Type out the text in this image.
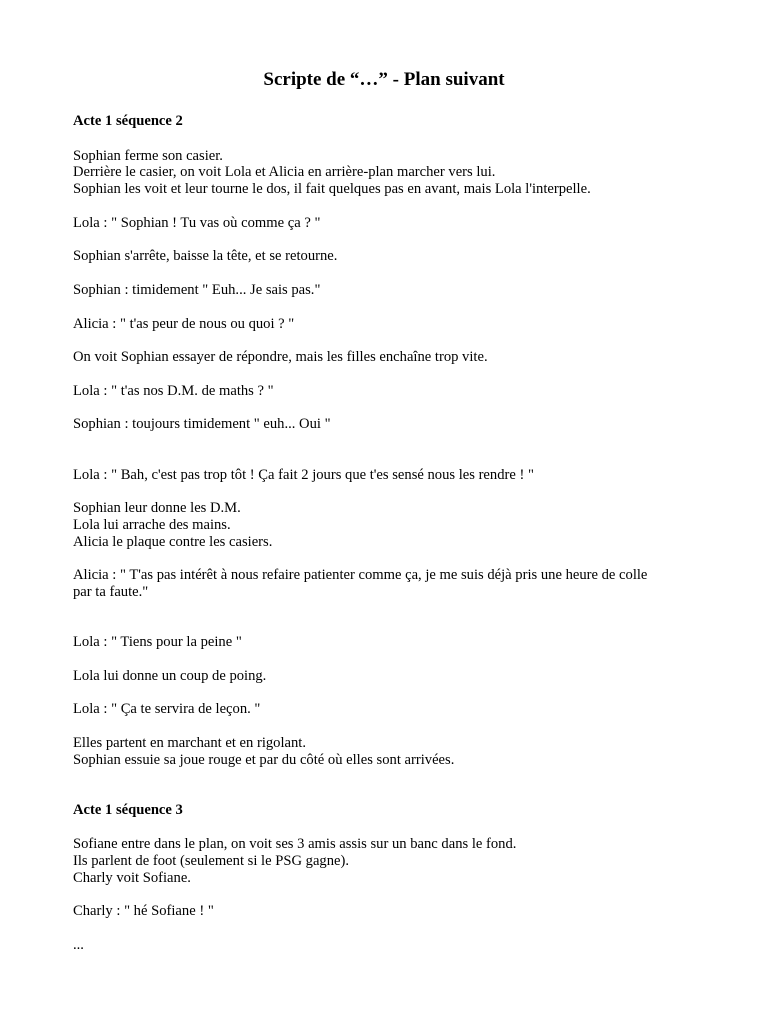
Scripte de “…” - Plan suivant

Acte 1 séquence 2

Sophian ferme son casier.

Derrière le casier, on voit Lola et Alicia en arrière-plan marcher vers lui.

Sophian les voit et leur tourne le dos, il fait quelques pas en avant, mais Lola l'interpelle.

Lola : " Sophian ! Tu vas où comme ça ? "

Sophian s'arrête, baisse la tête, et se retourne.

Sophian : timidement " Euh... Je sais pas."

Alicia : " t'as peur de nous ou quoi ? "

On voit Sophian essayer de répondre, mais les filles enchaîne trop vite.

Lola : " t'as nos D.M. de maths ? "

Sophian : toujours timidement " euh... Oui "

Lola : " Bah, c'est pas trop tôt ! Ça fait 2 jours que t'es sensé nous les rendre ! "

Sophian leur donne les D.M.

Lola lui arrache des mains.

Alicia le plaque contre les casiers.

Alicia : " T'as pas intérêt à nous refaire patienter comme ça, je me suis déjà pris une heure de colle

par ta faute."

Lola : " Tiens pour la peine "

Lola lui donne un coup de poing.

Lola : " Ça te servira de leçon. "

Elles partent en marchant et en rigolant.

Sophian essuie sa joue rouge et par du côté où elles sont arrivées.

Acte 1 séquence 3

Sofiane entre dans le plan, on voit ses 3 amis assis sur un banc dans le fond.

Ils parlent de foot (seulement si le PSG gagne).

Charly voit Sofiane.

Charly : " hé Sofiane ! "

...
